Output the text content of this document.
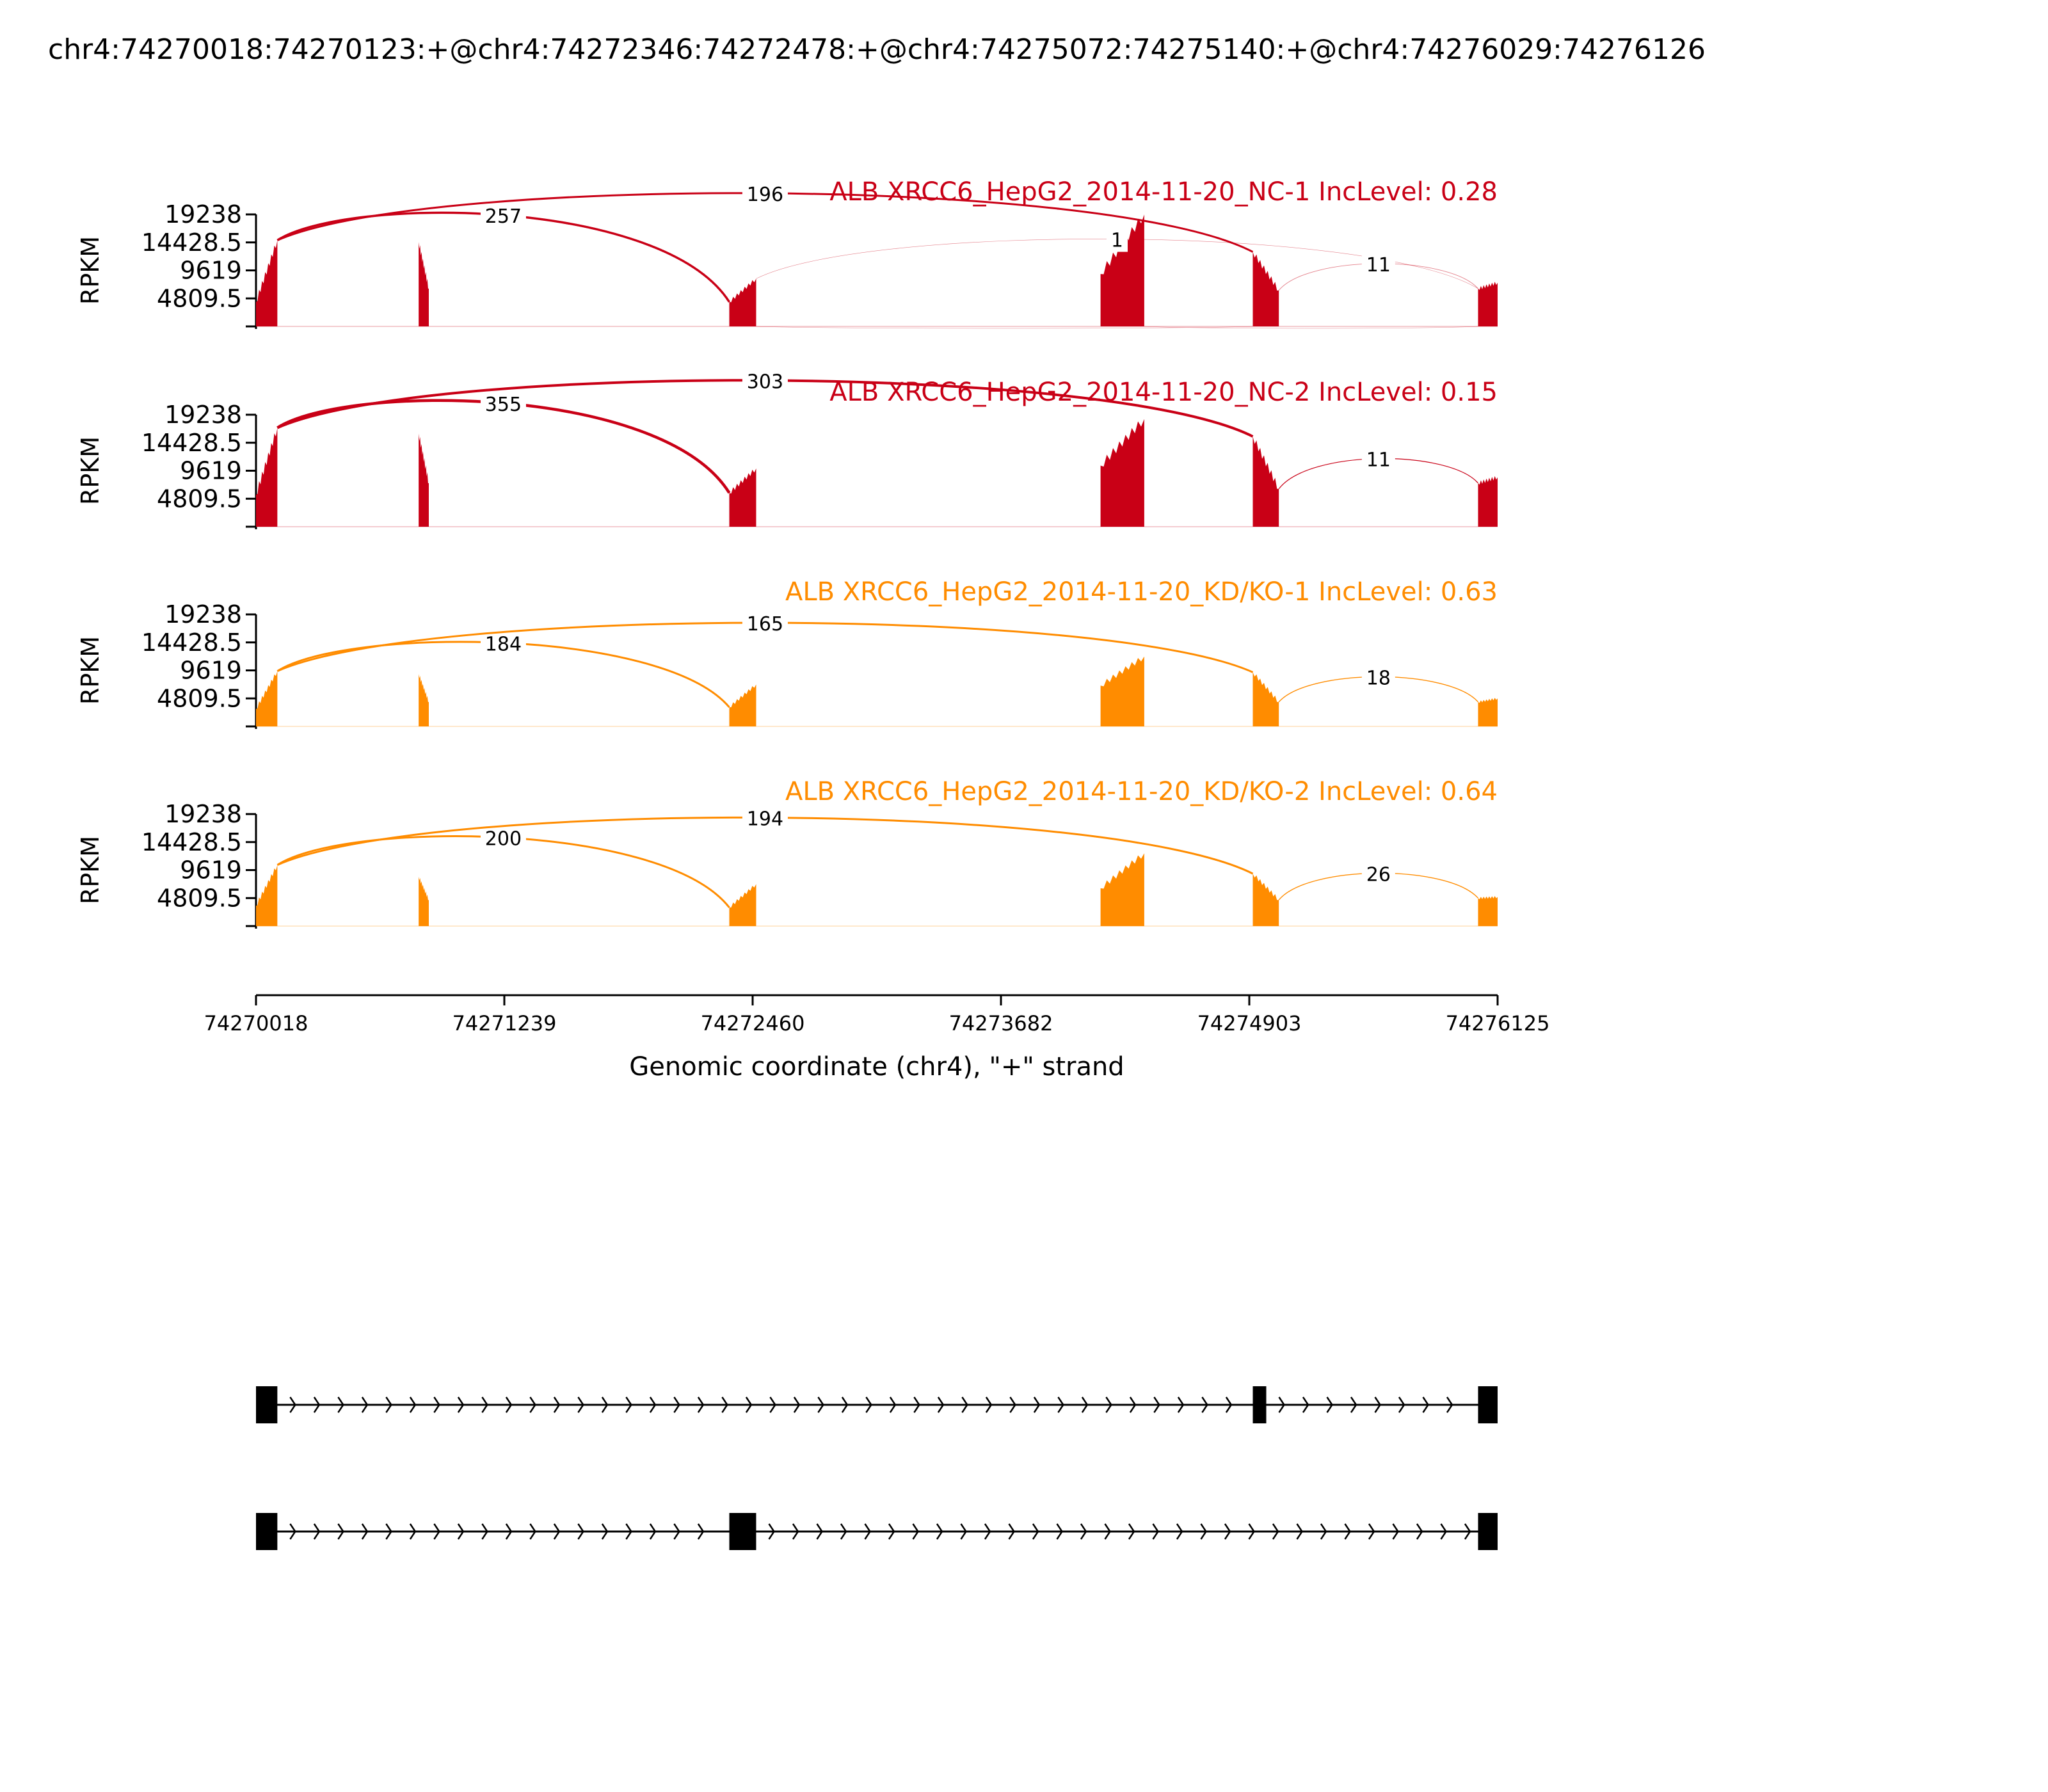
chr4:74270018:74270123:+@chr4:74272346:74272478:+@chr4:74275072:74275140:+@chr4:74276029:74276126
19238
14428.5
9619
4809.5
RPKM
257
196
1
11
ALB XRCC6_HepG2_2014-11-20_NC-1 IncLevel: 0.28
19238
14428.5
9619
4809.5
RPKM
355
303
11
ALB XRCC6_HepG2_2014-11-20_NC-2 IncLevel: 0.15
19238
14428.5
9619
4809.5
RPKM	184
165
18
ALB XRCC6_HepG2_2014-11-20_KD/KO-1 IncLevel: 0.63
19238
14428.5
9619
4809.5
RPKM	200
194
26
ALB XRCC6_HepG2_2014-11-20_KD/KO-2 IncLevel: 0.64
74270018	74271239	74272460	74273682	74274903	74276125
Genomic coordinate (chr4), "+" strand
